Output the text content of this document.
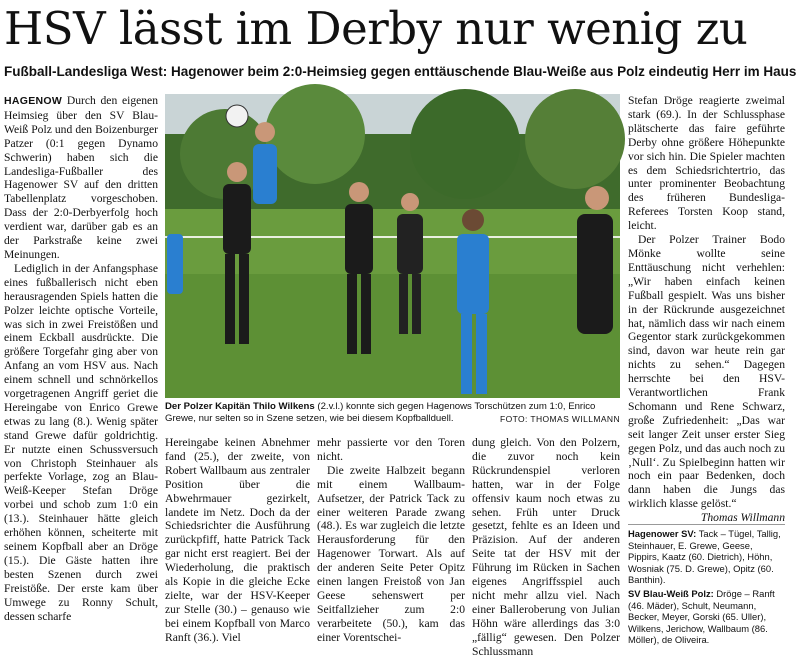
HSV lässt im Derby nur wenig zu
Fußball-Landesliga West: Hagenower beim 2:0-Heimsieg gegen enttäuschende Blau-Weiße aus Polz eindeutig Herr im Haus

HAGENOW Durch den eigenen Heimsieg über den SV Blau-Weiß Polz und den Boizenburger Patzer (0:1 gegen Dynamo Schwerin) haben sich die Landesliga-Fußballer des Hagenower SV auf den dritten Tabellenplatz vorgeschoben. Dass der 2:0-Derbyerfolg hoch verdient war, darüber gab es an der Parkstraße keine zwei Meinungen.

Lediglich in der Anfangsphase eines fußballerisch nicht eben herausragenden Spiels hatten die Polzer leichte optische Vorteile, was sich in zwei Freistößen und einem Eckball ausdrückte. Die größere Torgefahr ging aber von Anfang an vom HSV aus. Nach einem schnell und schnörkellos vorgetragenen Angriff geriet die Hereingabe von Enrico Grewe etwas zu lang (8.). Wenig später stand Grewe dafür goldrichtig. Er nutzte einen Schussversuch von Christoph Steinhauer als perfekte Vorlage, zog an Blau-Weiß-Keeper Stefan Dröge vorbei und schob zum 1:0 ein (13.). Steinhauer hätte gleich erhöhen können, scheiterte mit seinem Kopfball aber an Dröge (15.). Die Gäste hatten ihre besten Szenen durch zwei Freistöße. Der erste kam über Umwege zu Ronny Schult, dessen scharfe

Der Polzer Kapitän Thilo Wilkens (2.v.l.) konnte sich gegen Hagenows Torschützen zum 1:0, Enrico Grewe, nur selten so in Szene setzen, wie bei diesem Kopfballduell.	FOTO: THOMAS WILLMANN

Hereingabe keinen Abnehmer fand (25.), der zweite, von Robert Wallbaum aus zentraler Position über die Abwehrmauer gezirkelt, landete im Netz. Doch da der Schiedsrichter die Ausführung zurückpfiff, hatte Patrick Tack gar nicht erst reagiert. Bei der Wiederholung, die praktisch als Kopie in die gleiche Ecke zielte, war der HSV-Keeper zur Stelle (30.) – genauso wie bei einem Kopfball von Marco Ranft (36.). Viel

mehr passierte vor den Toren nicht.

Die zweite Halbzeit begann mit einem Wallbaum-Aufsetzer, der Patrick Tack zu einer weiteren Parade zwang (48.). Es war zugleich die letzte Herausforderung für den Hagenower Torwart. Als auf der anderen Seite Peter Opitz einen langen Freistoß von Jan Geese sehenswert per Seitfallzieher zum 2:0 verarbeitete (50.), kam das einer Vorentschei-

dung gleich. Von den Polzern, die zuvor noch kein Rückrundenspiel verloren hatten, war in der Folge offensiv kaum noch etwas zu sehen. Früh unter Druck gesetzt, fehlte es an Ideen und Präzision. Auf der anderen Seite tat der HSV mit der Führung im Rücken in Sachen eigenes Angriffsspiel auch nicht mehr allzu viel. Nach einer Balleroberung von Julian Höhn wäre allerdings das 3:0 „fällig“ gewesen. Den Polzer Schlussmann

Stefan Dröge reagierte zweimal stark (69.). In der Schlussphase plätscherte das faire geführte Derby ohne größere Höhepunkte vor sich hin. Die Spieler machten es dem Schiedsrichtertrio, das unter prominenter Beobachtung des früheren Bundesliga-Referees Torsten Koop stand, leicht.

Der Polzer Trainer Bodo Mönke wollte seine Enttäuschung nicht verhehlen: „Wir haben einfach keinen Fußball gespielt. Was uns bisher in der Rückrunde ausgezeichnet hat, nämlich dass wir nach einem Gegentor stark zurückgekommen sind, davon war heute rein gar nichts zu sehen.“ Dagegen herrschte bei den HSV-Verantwortlichen Frank Schomann und Rene Schwarz, große Zufriedenheit: „Das war seit langer Zeit unser erster Sieg gegen Polz, und das auch noch zu ‚Null‘. Zu Spielbeginn hatten wir noch ein paar Bedenken, doch dann haben die Jungs das wirklich klasse gelöst.“

Thomas Willmann

Hagenower SV: Tack – Tügel, Tallig, Steinhauer, E. Grewe, Geese, Pippirs, Kaatz (60. Dietrich), Höhn, Wosniak (75. D. Grewe), Opitz (60. Banthin).

SV Blau-Weiß Polz: Dröge – Ranft (46. Mäder), Schult, Neumann, Becker, Meyer, Gorski (65. Uller), Wilkens, Jerichow, Wallbaum (86. Möller), de Oliveira.
